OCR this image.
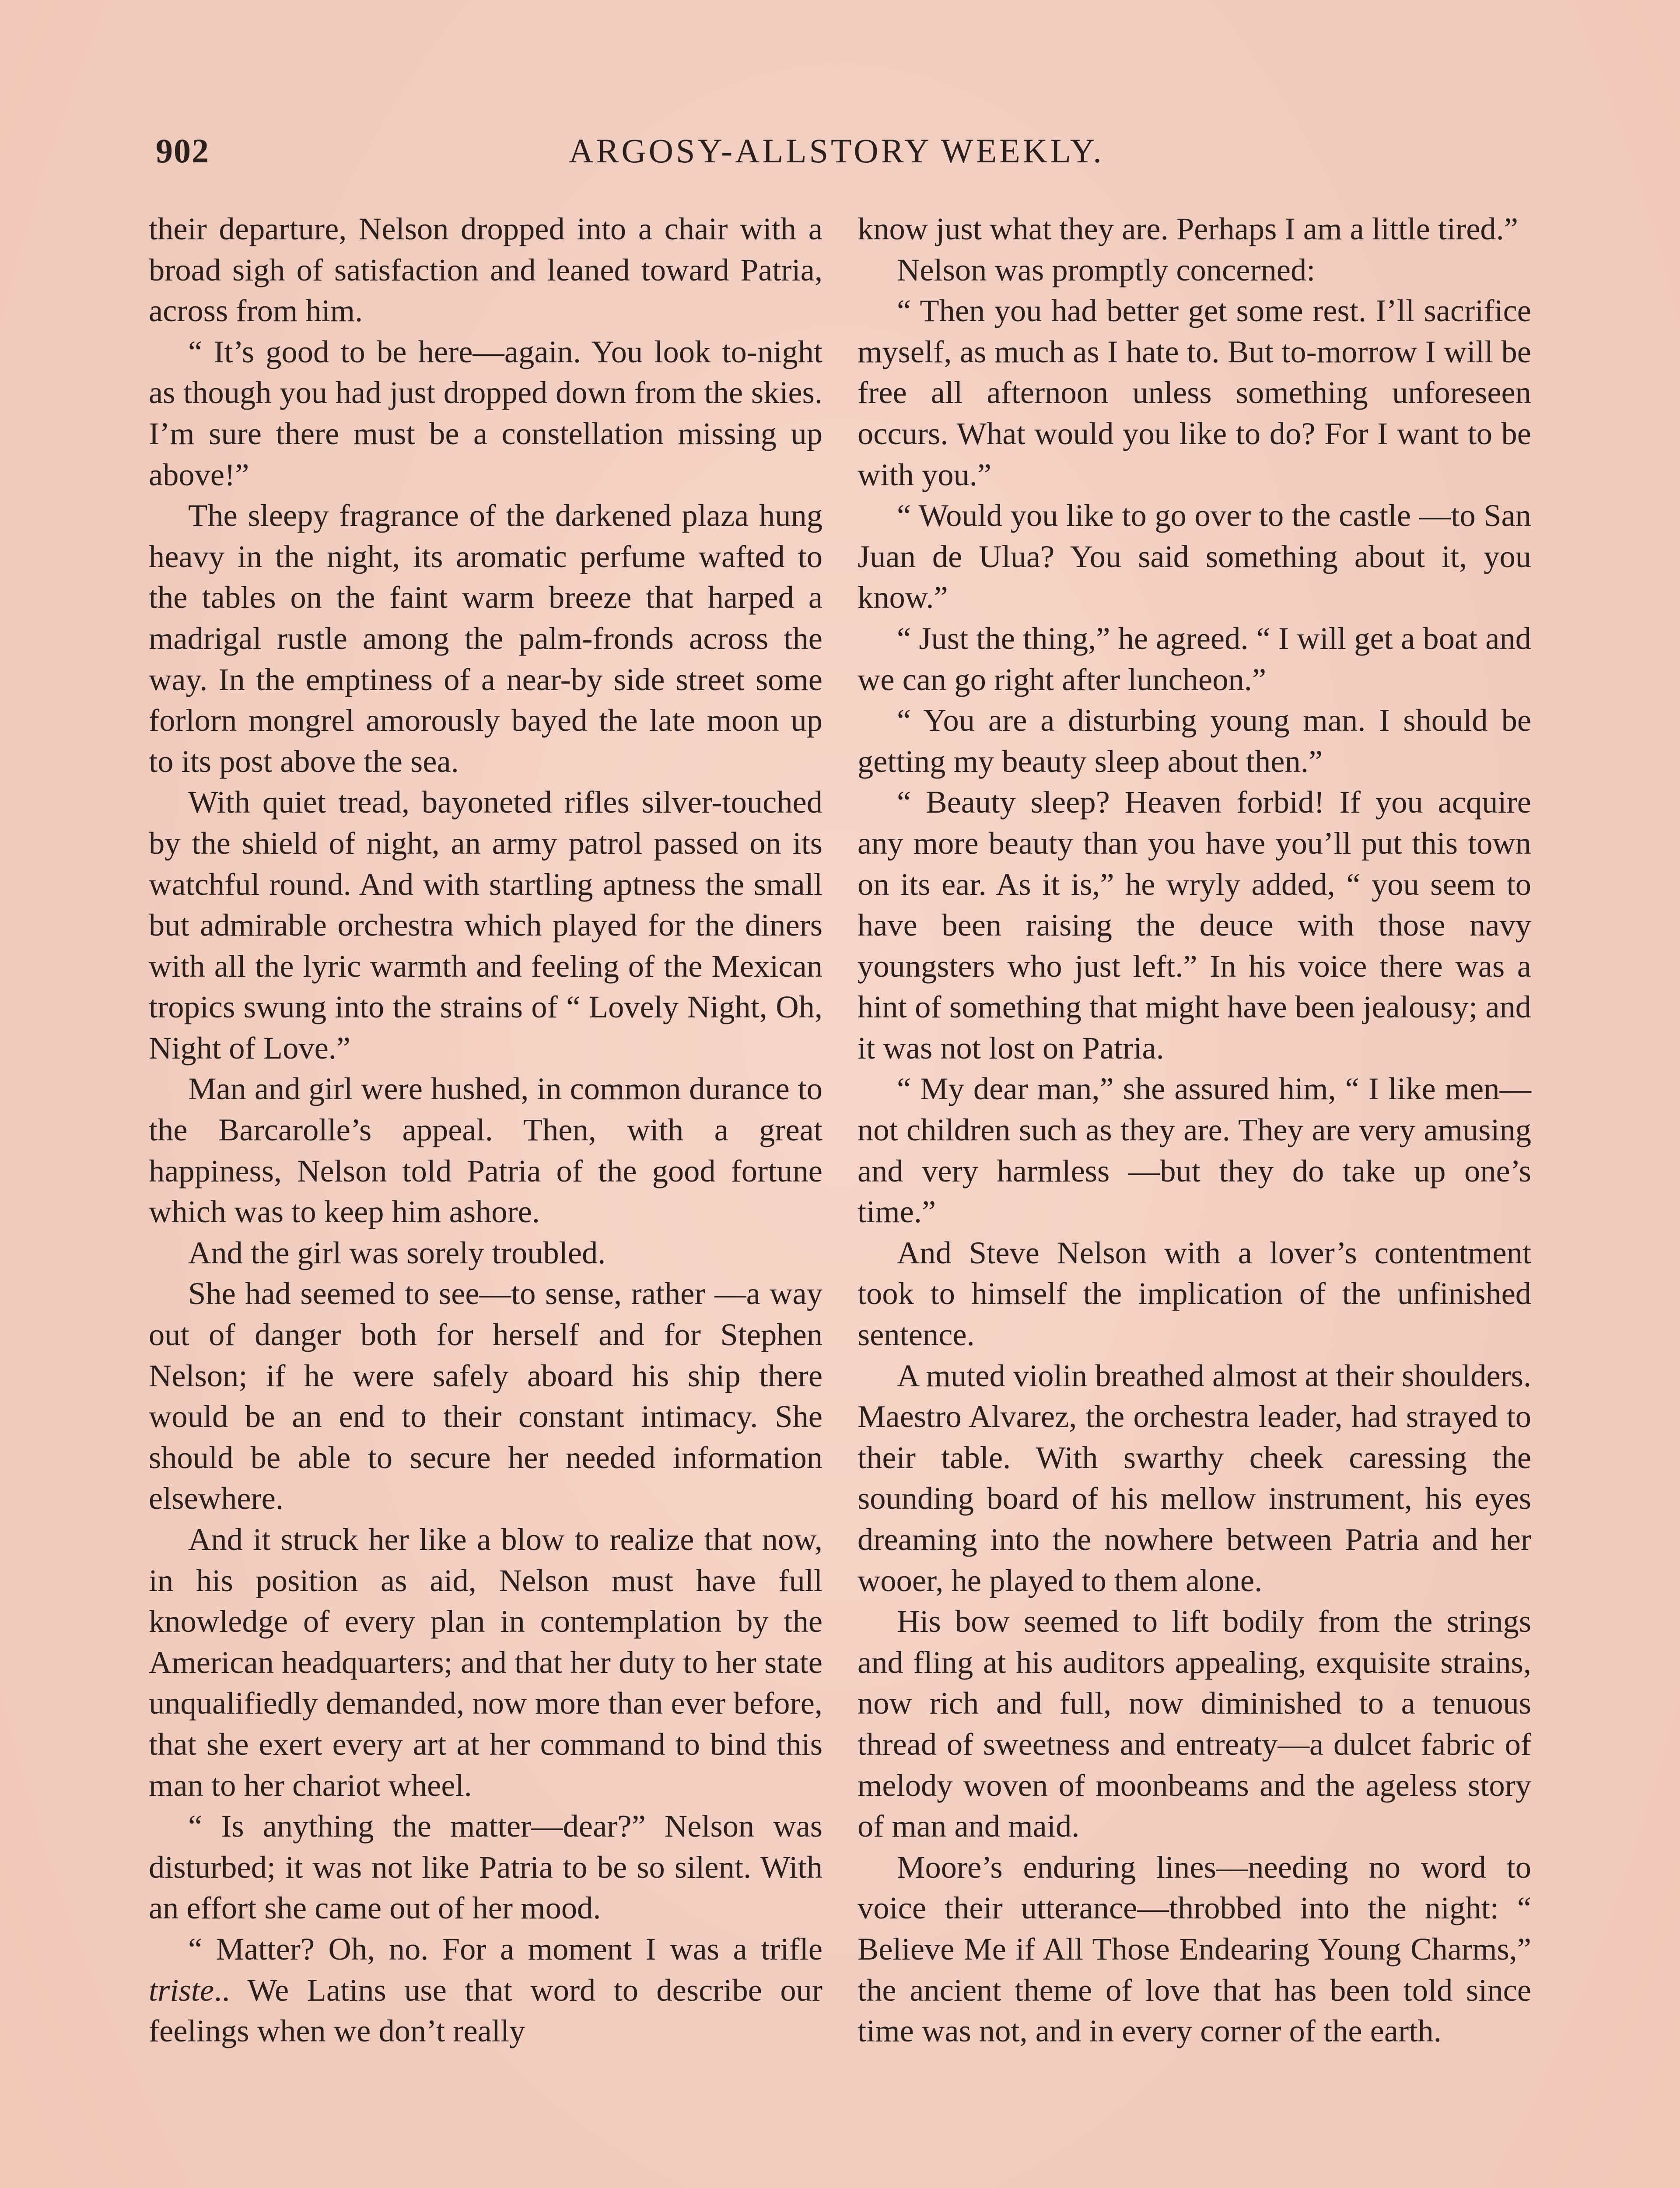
902	ARGOSY-ALLSTORY WEEKLY.

their departure, Nelson dropped into a chair with a broad sigh of satisfaction and leaned toward Patria, across from him.

“ It’s good to be here—again. You look to-night as though you had just dropped down from the skies. I’m sure there must be a constellation missing up above!”

The sleepy fragrance of the darkened plaza hung heavy in the night, its aromatic perfume wafted to the tables on the faint warm breeze that harped a madrigal rustle among the palm-fronds across the way. In the emptiness of a near-by side street some forlorn mongrel amorously bayed the late moon up to its post above the sea.

With quiet tread, bayoneted rifles silver-touched by the shield of night, an army patrol passed on its watchful round. And with startling aptness the small but admirable orchestra which played for the diners with all the lyric warmth and feeling of the Mexican tropics swung into the strains of “ Lovely Night, Oh, Night of Love.”

Man and girl were hushed, in common durance to the Barcarolle’s appeal. Then, with a great happiness, Nelson told Patria of the good fortune which was to keep him ashore.

And the girl was sorely troubled.

She had seemed to see—to sense, rather —a way out of danger both for herself and for Stephen Nelson; if he were safely aboard his ship there would be an end to their constant intimacy. She should be able to secure her needed information elsewhere.

And it struck her like a blow to realize that now, in his position as aid, Nelson must have full knowledge of every plan in contemplation by the American headquarters; and that her duty to her state unqualifiedly demanded, now more than ever before, that she exert every art at her command to bind this man to her chariot wheel.

“ Is anything the matter—dear?” Nelson was disturbed; it was not like Patria to be so silent. With an effort she came out of her mood.

“ Matter? Oh, no. For a moment I was a trifle triste.. We Latins use that word to describe our feelings when we don’t really

know just what they are. Perhaps I am a little tired.”

Nelson was promptly concerned:

“ Then you had better get some rest. I’ll sacrifice myself, as much as I hate to. But to-morrow I will be free all afternoon unless something unforeseen occurs. What would you like to do? For I want to be with you.”

“ Would you like to go over to the castle —to San Juan de Ulua? You said something about it, you know.”

“ Just the thing,” he agreed. “ I will get a boat and we can go right after luncheon.”

“ You are a disturbing young man. I should be getting my beauty sleep about then.”

“ Beauty sleep? Heaven forbid! If you acquire any more beauty than you have you’ll put this town on its ear. As it is,” he wryly added, “ you seem to have been raising the deuce with those navy youngsters who just left.” In his voice there was a hint of something that might have been jealousy; and it was not lost on Patria.

“ My dear man,” she assured him, “ I like men—not children such as they are. They are very amusing and very harmless —but they do take up one’s time.”

And Steve Nelson with a lover’s contentment took to himself the implication of the unfinished sentence.

A muted violin breathed almost at their shoulders. Maestro Alvarez, the orchestra leader, had strayed to their table. With swarthy cheek caressing the sounding board of his mellow instrument, his eyes dreaming into the nowhere between Patria and her wooer, he played to them alone.

His bow seemed to lift bodily from the strings and fling at his auditors appealing, exquisite strains, now rich and full, now diminished to a tenuous thread of sweetness and entreaty—a dulcet fabric of melody woven of moonbeams and the ageless story of man and maid.

Moore’s enduring lines—needing no word to voice their utterance—throbbed into the night: “ Believe Me if All Those Endearing Young Charms,” the ancient theme of love that has been told since time was not, and in every corner of the earth.
